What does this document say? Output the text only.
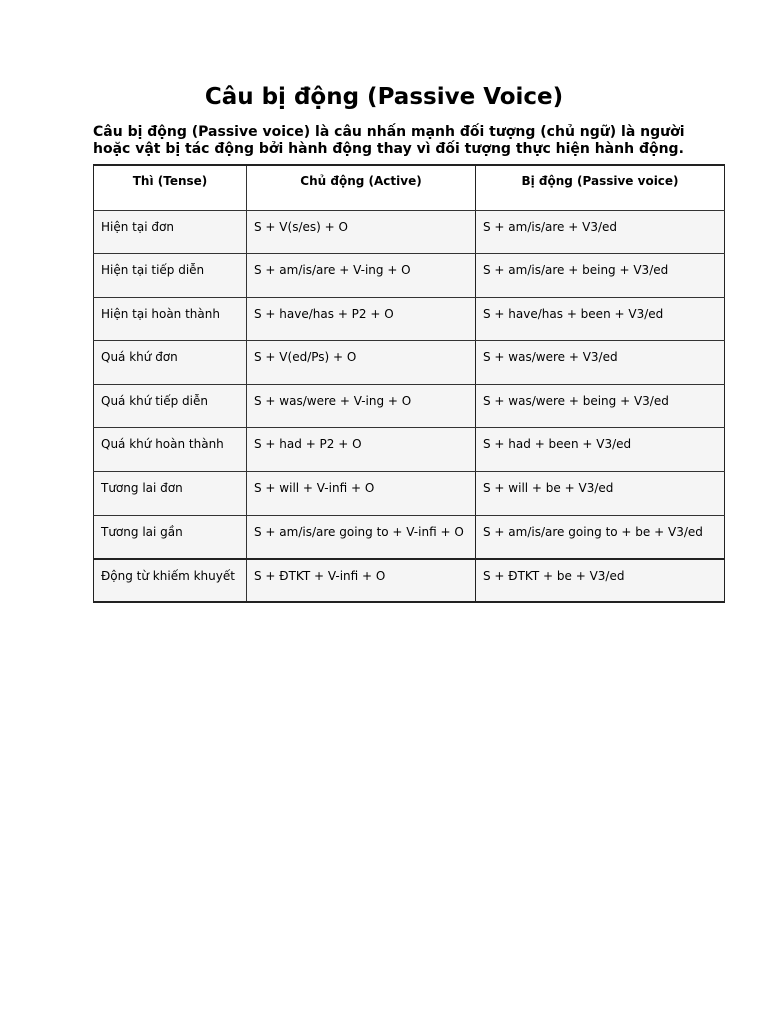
Câu bị động (Passive Voice)

Câu bị động (Passive voice) là câu nhấn mạnh đối tượng (chủ ngữ) là người hoặc vật bị tác động bởi hành động thay vì đối tượng thực hiện hành động.

Thì (Tense)	Chủ động (Active)	Bị động (Passive voice)
Hiện tại đơn	S + V(s/es) + O	S + am/is/are + V3/ed
Hiện tại tiếp diễn	S + am/is/are + V-ing + O	S + am/is/are + being + V3/ed
Hiện tại hoàn thành	S + have/has + P2 + O	S + have/has + been + V3/ed
Quá khứ đơn	S + V(ed/Ps) + O	S + was/were + V3/ed
Quá khứ tiếp diễn	S + was/were + V-ing + O	S + was/were + being + V3/ed
Quá khứ hoàn thành	S + had + P2 + O	S + had + been + V3/ed
Tương lai đơn	S + will + V-infi + O	S + will + be + V3/ed
Tương lai gần	S + am/is/are going to + V-infi + O	S + am/is/are going to + be + V3/ed
Động từ khiếm khuyết	S + ĐTKT + V-infi + O	S + ĐTKT + be + V3/ed
